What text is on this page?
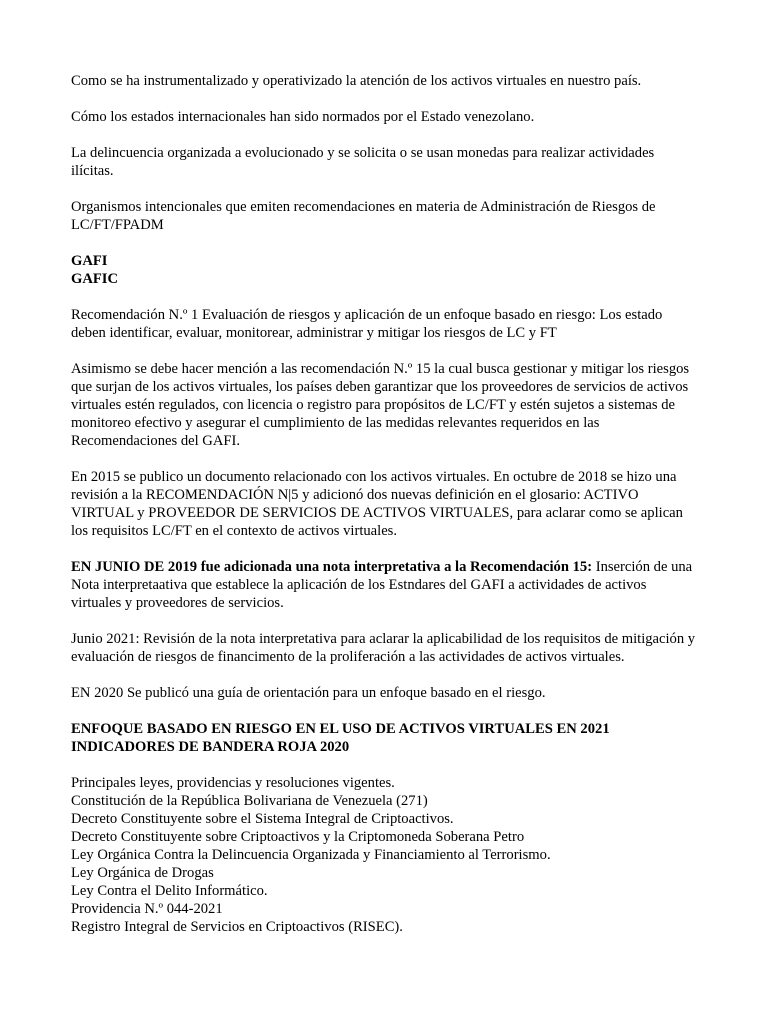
Como se ha instrumentalizado y operativizado la atención de los activos virtuales en nuestro país.

Cómo los estados internacionales han sido normados por el Estado venezolano.

La delincuencia organizada a evolucionado y se solicita o se usan monedas para realizar actividades ilícitas.

Organismos intencionales que emiten recomendaciones en materia de Administración de Riesgos de LC/FT/FPADM

GAFI
GAFIC

Recomendación N.º 1 Evaluación de riesgos y aplicación de un enfoque basado en riesgo: Los estado deben identificar, evaluar, monitorear, administrar y mitigar los riesgos de LC y FT

Asimismo se debe hacer mención a las recomendación N.º 15 la cual busca gestionar y mitigar los riesgos que surjan de los activos virtuales, los países deben garantizar que los proveedores de servicios de activos virtuales estén regulados, con licencia o registro para propósitos de LC/FT y estén sujetos a sistemas de monitoreo efectivo y asegurar el cumplimiento de las medidas relevantes requeridos en las Recomendaciones del GAFI.

En 2015 se publico un documento relacionado con los activos virtuales. En octubre de 2018 se hizo una revisión a la RECOMENDACIÓN N|5 y adicionó dos nuevas definición en el glosario: ACTIVO VIRTUAL y PROVEEDOR DE SERVICIOS DE ACTIVOS VIRTUALES, para aclarar como se aplican los requisitos LC/FT en el contexto de activos virtuales.

EN JUNIO DE 2019 fue adicionada una nota interpretativa a la Recomendación 15: Inserción de una Nota interpretaativa que establece la aplicación de los Estndares del GAFI a actividades de activos virtuales y proveedores de servicios.

Junio 2021: Revisión de la nota interpretativa para aclarar la aplicabilidad de los requisitos de mitigación y evaluación de riesgos de financimento de la proliferación a las actividades de activos virtuales.

EN 2020 Se publicó una guía de orientación para un enfoque basado en el riesgo.

ENFOQUE BASADO EN RIESGO EN EL USO DE ACTIVOS VIRTUALES EN 2021
INDICADORES DE BANDERA ROJA 2020

Principales leyes, providencias y resoluciones vigentes.
Constitución de la República Bolivariana de Venezuela (271)
Decreto Constituyente sobre el Sistema Integral de Criptoactivos.
Decreto Constituyente sobre Criptoactivos y la Criptomoneda Soberana Petro
Ley Orgánica Contra la Delincuencia Organizada y Financiamiento al Terrorismo.
Ley Orgánica de Drogas
Ley Contra el Delito Informático.
Providencia N.º 044-2021
Registro Integral de Servicios en Criptoactivos (RISEC).
